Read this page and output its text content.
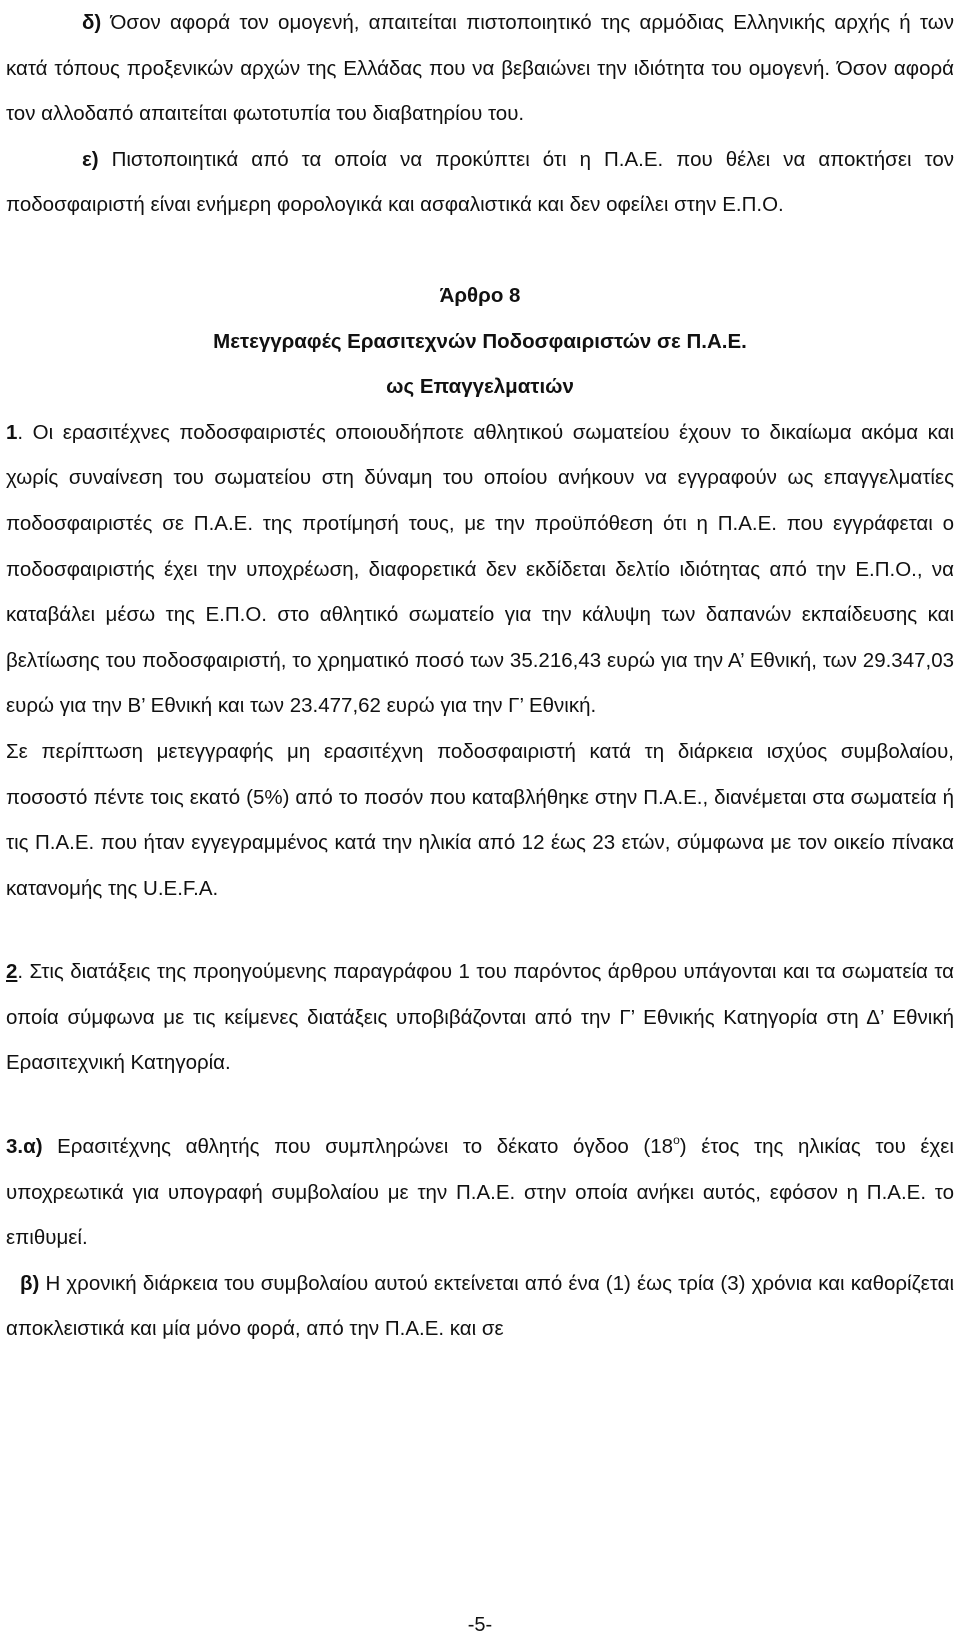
δ) Όσον αφορά τον ομογενή, απαιτείται πιστοποιητικό της αρμόδιας Ελληνικής αρχής ή των κατά τόπους προξενικών αρχών της Ελλάδας που να βεβαιώνει την ιδιότητα του ομογενή. Όσον αφορά τον αλλοδαπό απαιτείται φωτοτυπία του διαβατηρίου του.

ε) Πιστοποιητικά από τα οποία να προκύπτει ότι η Π.Α.Ε. που θέλει να αποκτήσει τον ποδοσφαιριστή είναι ενήμερη φορολογικά και ασφαλιστικά και δεν οφείλει στην Ε.Π.Ο.

Άρθρο 8

Μετεγγραφές Ερασιτεχνών Ποδοσφαιριστών σε Π.Α.Ε.

ως Επαγγελματιών

1. Οι ερασιτέχνες ποδοσφαιριστές οποιουδήποτε αθλητικού σωματείου έχουν το δικαίωμα ακόμα και χωρίς συναίνεση του σωματείου στη δύναμη του οποίου ανήκουν να εγγραφούν ως επαγγελματίες ποδοσφαιριστές σε Π.Α.Ε. της προτίμησή τους, με την προϋπόθεση ότι η Π.Α.Ε. που εγγράφεται ο ποδοσφαιριστής έχει την υποχρέωση, διαφορετικά δεν εκδίδεται δελτίο ιδιότητας από την Ε.Π.Ο., να καταβάλει μέσω της Ε.Π.Ο. στο αθλητικό σωματείο για την κάλυψη των δαπανών εκπαίδευσης και βελτίωσης του ποδοσφαιριστή, το χρηματικό ποσό των 35.216,43 ευρώ για την Α’ Εθνική, των 29.347,03 ευρώ για την Β’ Εθνική και των 23.477,62 ευρώ για την Γ’ Εθνική.

Σε περίπτωση μετεγγραφής μη ερασιτέχνη ποδοσφαιριστή κατά τη διάρκεια ισχύος συμβολαίου, ποσοστό πέντε τοις εκατό (5%) από το ποσόν που καταβλήθηκε στην Π.Α.Ε., διανέμεται στα σωματεία ή τις Π.Α.Ε. που ήταν εγγεγραμμένος κατά την ηλικία από 12 έως 23 ετών, σύμφωνα με τον οικείο πίνακα κατανομής της U.E.F.A.

2. Στις διατάξεις της προηγούμενης παραγράφου 1 του παρόντος άρθρου υπάγονται και τα σωματεία τα οποία σύμφωνα με τις κείμενες διατάξεις υποβιβάζονται από την Γ’ Εθνικής Κατηγορία στη Δ’ Εθνική Ερασιτεχνική Κατηγορία.

3.α) Ερασιτέχνης αθλητής που συμπληρώνει το δέκατο όγδοο $(18^o)$ έτος της ηλικίας του έχει υποχρεωτικά για υπογραφή συμβολαίου με την Π.Α.Ε. στην οποία ανήκει αυτός, εφόσον η Π.Α.Ε. το επιθυμεί.

β) Η χρονική διάρκεια του συμβολαίου αυτού εκτείνεται από ένα (1) έως τρία (3) χρόνια και καθορίζεται αποκλειστικά και μία μόνο φορά, από την Π.Α.Ε. και σε

-5-
